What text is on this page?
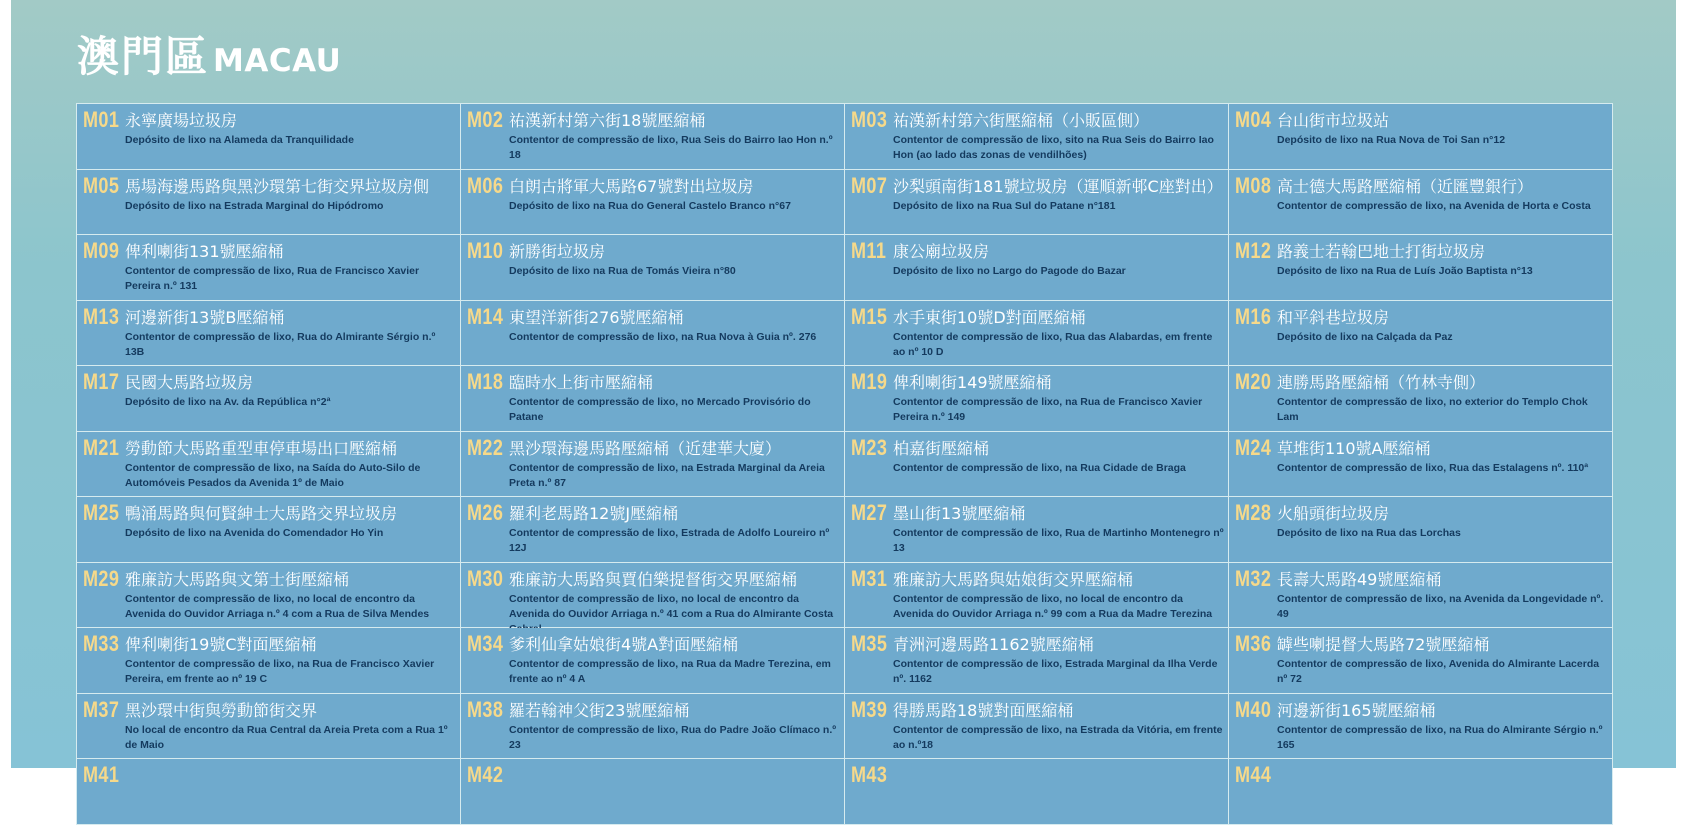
澳門區 MACAU
M01 永寧廣場垃圾房
Depósito de lixo na Alameda da Tranquilidade
M02 祐漢新村第六街18號壓縮桶
Contentor de compressão de lixo, Rua Seis do Bairro Iao Hon n.º 18
M03 祐漢新村第六街壓縮桶（小販區側）
Contentor de compressão de lixo, sito na Rua Seis do Bairro Iao Hon (ao lado das zonas de vendilhões)
M04 台山街市垃圾站
Depósito de lixo na Rua Nova de Toi San n°12
M05 馬場海邊馬路與黑沙環第七街交界垃圾房側
Depósito de lixo na Estrada Marginal do Hipódromo
M06 白朗古將軍大馬路67號對出垃圾房
Depósito de lixo na Rua do General Castelo Branco n°67
M07 沙梨頭南街181號垃圾房（運順新邨C座對出）
Depósito de lixo na Rua Sul do Patane n°181
M08 高士德大馬路壓縮桶（近匯豐銀行）
Contentor de compressão de lixo, na Avenida de Horta e Costa
M09 俾利喇街131號壓縮桶
Contentor de compressão de lixo, Rua de Francisco Xavier Pereira n.º 131
M10 新勝街垃圾房
Depósito de lixo na Rua de Tomás Vieira n°80
M11 康公廟垃圾房
Depósito de lixo no Largo do Pagode do Bazar
M12 路義士若翰巴地士打街垃圾房
Depósito de lixo na Rua de Luís João Baptista n°13
M13 河邊新街13號B壓縮桶
Contentor de compressão de lixo, Rua do Almirante Sérgio n.º 13B
M14 東望洋新街276號壓縮桶
Contentor de compressão de lixo, na Rua Nova à Guia nº. 276
M15 水手東街10號D對面壓縮桶
Contentor de compressão de lixo, Rua das Alabardas, em frente ao nº 10 D
M16 和平斜巷垃圾房
Depósito de lixo na Calçada da Paz
M17 民國大馬路垃圾房
Depósito de lixo na Av. da República n°2ª
M18 臨時水上街市壓縮桶
Contentor de compressão de lixo, no Mercado Provisório do Patane
M19 俾利喇街149號壓縮桶
Contentor de compressão de lixo, na Rua de Francisco Xavier Pereira n.º 149
M20 連勝馬路壓縮桶（竹林寺側）
Contentor de compressão de lixo, no exterior do Templo Chok Lam
M21 勞動節大馬路重型車停車場出口壓縮桶
Contentor de compressão de lixo, na Saída do Auto-Silo de Automóveis Pesados da Avenida 1º de Maio
M22 黑沙環海邊馬路壓縮桶（近建華大廈）
Contentor de compressão de lixo, na Estrada Marginal da Areia Preta n.º 87
M23 柏嘉街壓縮桶
Contentor de compressão de lixo, na Rua Cidade de Braga
M24 草堆街110號A壓縮桶
Contentor de compressão de lixo, Rua das Estalagens nº. 110ª
M25 鴨涌馬路與何賢紳士大馬路交界垃圾房
Depósito de lixo na Avenida do Comendador Ho Yin
M26 羅利老馬路12號J壓縮桶
Contentor de compressão de lixo, Estrada de Adolfo Loureiro nº 12J
M27 墨山街13號壓縮桶
Contentor de compressão de lixo, Rua de Martinho Montenegro nº 13
M28 火船頭街垃圾房
Depósito de lixo na Rua das Lorchas
M29 雅廉訪大馬路與文第士街壓縮桶
Contentor de compressão de lixo, no local de encontro da Avenida do Ouvidor Arriaga n.º 4 com a Rua de Silva Mendes
M30 雅廉訪大馬路與賈伯樂提督街交界壓縮桶
Contentor de compressão de lixo, no local de encontro da Avenida do Ouvidor Arriaga n.º 41 com a Rua do Almirante Costa
M31 雅廉訪大馬路與姑娘街交界壓縮桶
Contentor de compressão de lixo, no local de encontro da Avenida do Ouvidor Arriaga n.º 99 com a Rua da Madre Terezina
M32 長壽大馬路49號壓縮桶
Contentor de compressão de lixo, na Avenida da Longevidade nº. 49
M33 俾利喇街19號C對面壓縮桶
Contentor de compressão de lixo, na Rua de Francisco Xavier Pereira, em frente ao nº 19 C
M34 爹利仙拿姑娘街4號A對面壓縮桶
Contentor de compressão de lixo, na Rua da Madre Terezina, em frente ao nº 4 A
M35 青洲河邊馬路1162號壓縮桶
Contentor de compressão de lixo, Estrada Marginal da Ilha Verde nº. 1162
M36 罅些喇提督大馬路72號壓縮桶
Contentor de compressão de lixo, Avenida do Almirante Lacerda nº 72
M37 黑沙環中街與勞動節街交界
No local de encontro da Rua Central da Areia Preta com a Rua 1º de Maio
M38 羅若翰神父街23號壓縮桶
Contentor de compressão de lixo, Rua do Padre João Clímaco n.º 23
M39 得勝馬路18號對面壓縮桶
Contentor de compressão de lixo, na Estrada da Vitória, em frente ao n.º18
M40 河邊新街165號壓縮桶
Contentor de compressão de lixo, na Rua do Almirante Sérgio n.º 165
M41	M42	M43	M44
